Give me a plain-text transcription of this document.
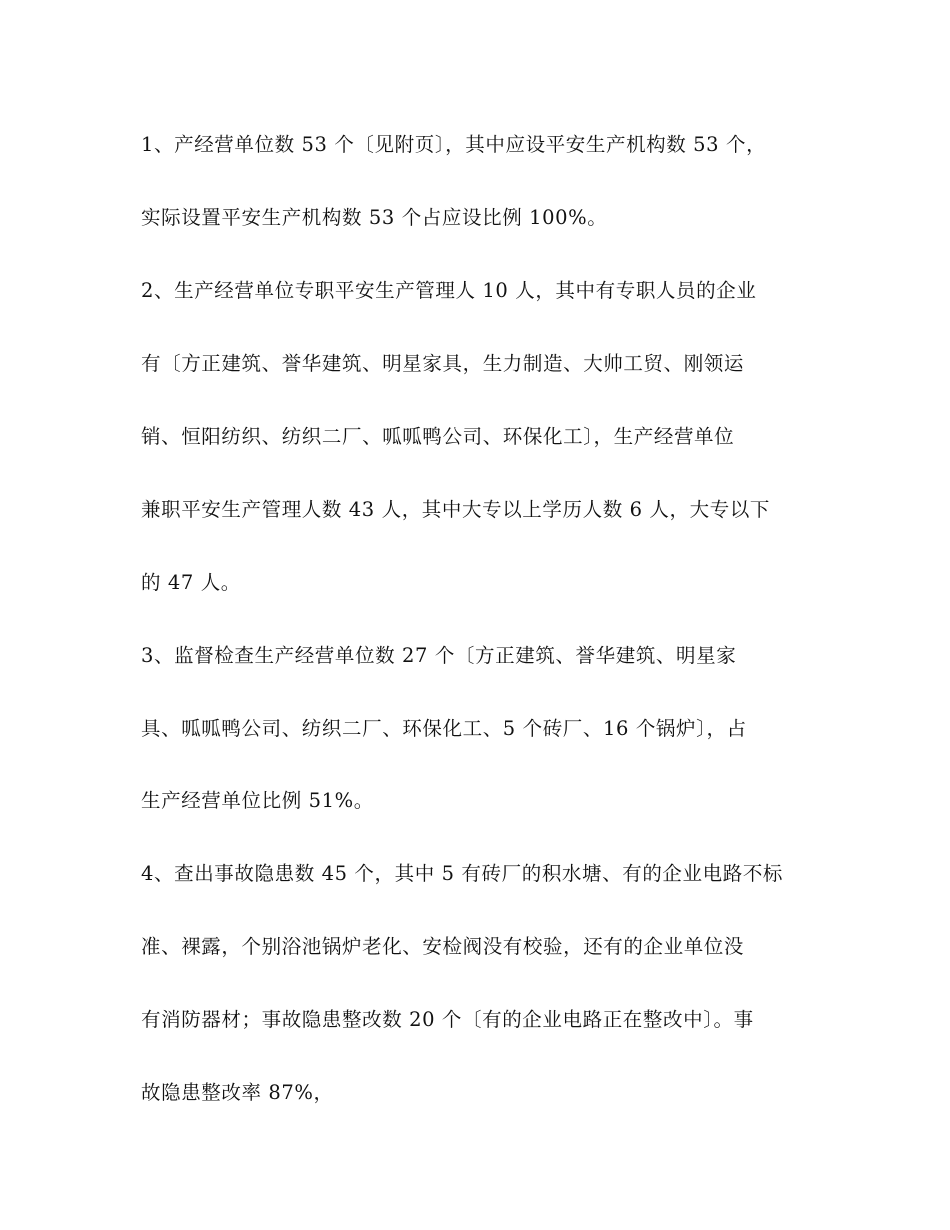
1、产经营单位数 53 个〔见附页〕，其中应设平安生产机构数 53 个，
实际设置平安生产机构数 53 个占应设比例 100%。
2、生产经营单位专职平安生产管理人 10 人，其中有专职人员的企业
有〔方正建筑、誉华建筑、明星家具，生力制造、大帅工贸、刚领运
销、恒阳纺织、纺织二厂、呱呱鸭公司、环保化工〕，生产经营单位
兼职平安生产管理人数 43 人，其中大专以上学历人数 6 人，大专以下
的 47 人。
3、监督检查生产经营单位数 27 个〔方正建筑、誉华建筑、明星家
具、呱呱鸭公司、纺织二厂、环保化工、5 个砖厂、16 个锅炉〕，占
生产经营单位比例 51%。
4、查出事故隐患数 45 个，其中 5 有砖厂的积水塘、有的企业电路不标
准、裸露，个别浴池锅炉老化、安检阀没有校验，还有的企业单位没
有消防器材；事故隐患整改数 20 个〔有的企业电路正在整改中〕。事
故隐患整改率 87%，
